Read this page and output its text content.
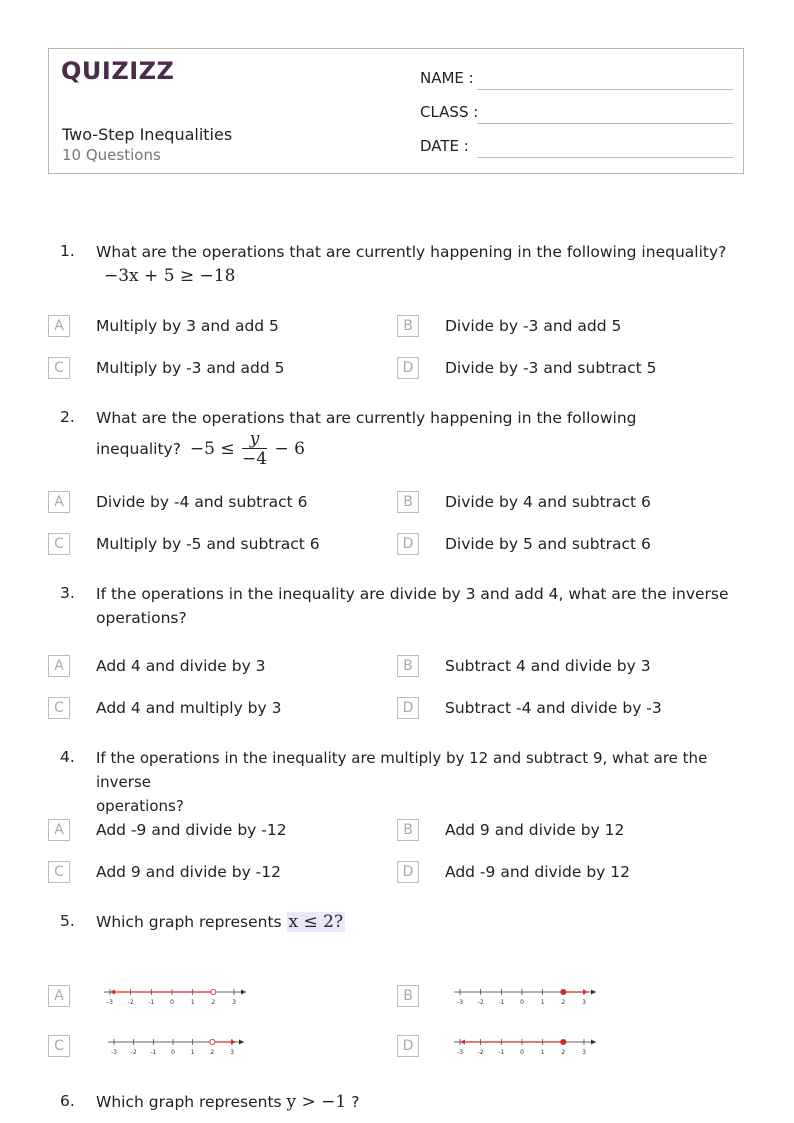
QUIZIZZ
Two-Step Inequalities
10 Questions
NAME :
CLASS :
DATE :
1. What are the operations that are currently happening in the following inequality?
−3x + 5 ≥ −18
A	Multiply by 3 and add 5	B	Divide by -3 and add 5
C	Multiply by -3 and add 5	D	Divide by -3 and subtract 5
2. What are the operations that are currently happening in the following
inequality? $-5 \le \frac{y}{-4} - 6$
A	Divide by -4 and subtract 6	B	Divide by 4 and subtract 6
C	Multiply by -5 and subtract 6	D	Divide by 5 and subtract 6
3. If the operations in the inequality are divide by 3 and add 4, what are the inverse
operations?
A	Add 4 and divide by 3	B	Subtract 4 and divide by 3
C	Add 4 and multiply by 3	D	Subtract -4 and divide by -3
4. If the operations in the inequality are multiply by 12 and subtract 9, what are the inverse
operations?
A	Add -9 and divide by -12	B	Add 9 and divide by 12
C	Add 9 and divide by -12	D	Add -9 and divide by 12
5. Which graph represents x ≤ 2?
A	-3 -2 -1	0	1	2	3	B	-3 -2 -1	0	1	2	3
C	-3 -2 -1 0	1	2	3	D	-3 -2 -1	0	1	2	3
6. Which graph represents y > −1 ?
